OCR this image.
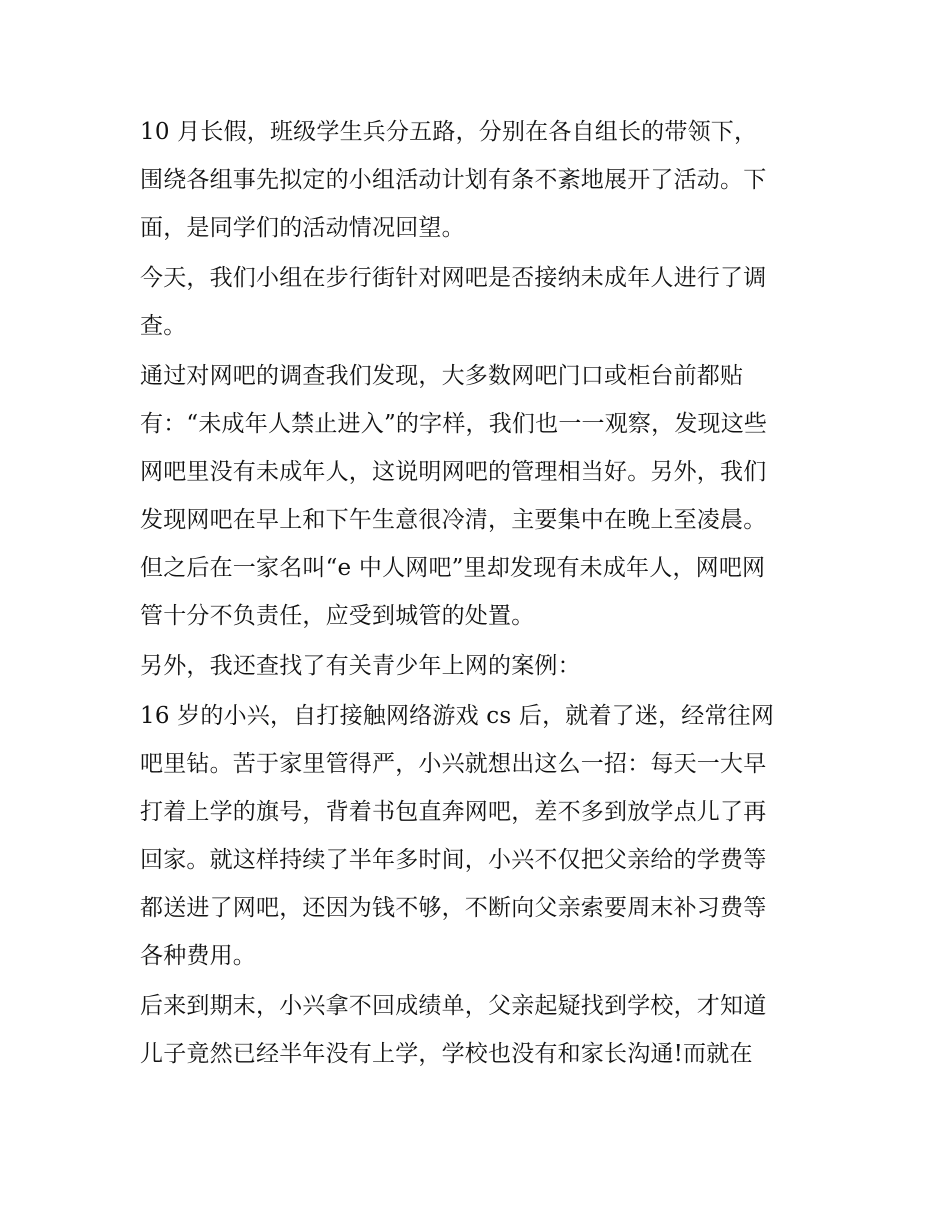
10 月长假，班级学生兵分五路，分别在各自组长的带领下，
围绕各组事先拟定的小组活动计划有条不紊地展开了活动。下
面，是同学们的活动情况回望。
今天，我们小组在步行街针对网吧是否接纳未成年人进行了调
查。
通过对网吧的调查我们发现，大多数网吧门口或柜台前都贴
有：“未成年人禁止进入”的字样，我们也一一观察，发现这些
网吧里没有未成年人，这说明网吧的管理相当好。另外，我们
发现网吧在早上和下午生意很冷清，主要集中在晚上至凌晨。
但之后在一家名叫“e 中人网吧”里却发现有未成年人，网吧网
管十分不负责任，应受到城管的处置。
另外，我还查找了有关青少年上网的案例：
16 岁的小兴，自打接触网络游戏 cs 后，就着了迷，经常往网
吧里钻。苦于家里管得严，小兴就想出这么一招：每天一大早
打着上学的旗号，背着书包直奔网吧，差不多到放学点儿了再
回家。就这样持续了半年多时间，小兴不仅把父亲给的学费等
都送进了网吧，还因为钱不够，不断向父亲索要周末补习费等
各种费用。
后来到期末，小兴拿不回成绩单，父亲起疑找到学校，才知道
儿子竟然已经半年没有上学，学校也没有和家长沟通!而就在
